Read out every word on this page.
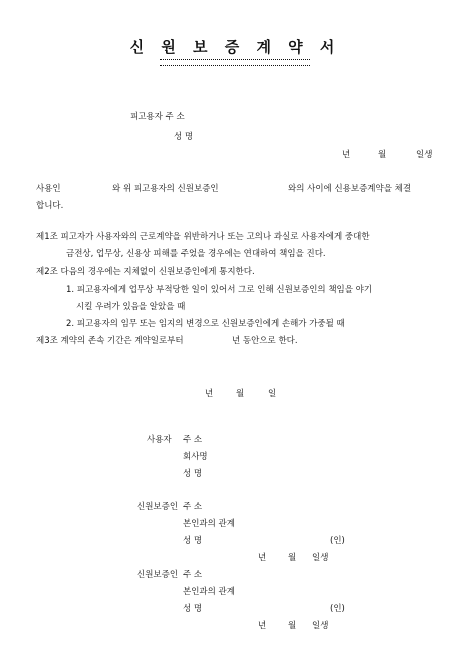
신 원 보 증 계 약 서
피고용자 주 소
성 명
년	월	일생
사용인	와 위 피고용자의 신원보증인	와의 사이에 신용보증계약을 체결
합니다.
제1조 피고자가 사용자와의 근로계약을 위반하거나 또는 고의나 과실로 사용자에게 중대한
금전상, 업무상, 신용상 피해를 주었을 경우에는 연대하여 책임을 진다.
제2조 다음의 경우에는 지체없이 신원보증인에게 통지한다.
1. 피고용자에게 업무상 부적당한 일이 있어서 그로 인해 신원보증인의 책임을 야기
시킬 우려가 있음을 알았을 때
2. 피고용자의 임무 또는 임지의 변경으로 신원보증인에게 손해가 가중될 때
제3조 계약의 존속 기간은 계약일로부터	년 동안으로 한다.
년	월	일
사용자 주 소
회사명
성 명
신원보증인 주 소
본인과의 관계
성 명	(인)
년	월 일생
신원보증인 주 소
본인과의 관계
성 명	(인)
년	월 일생
